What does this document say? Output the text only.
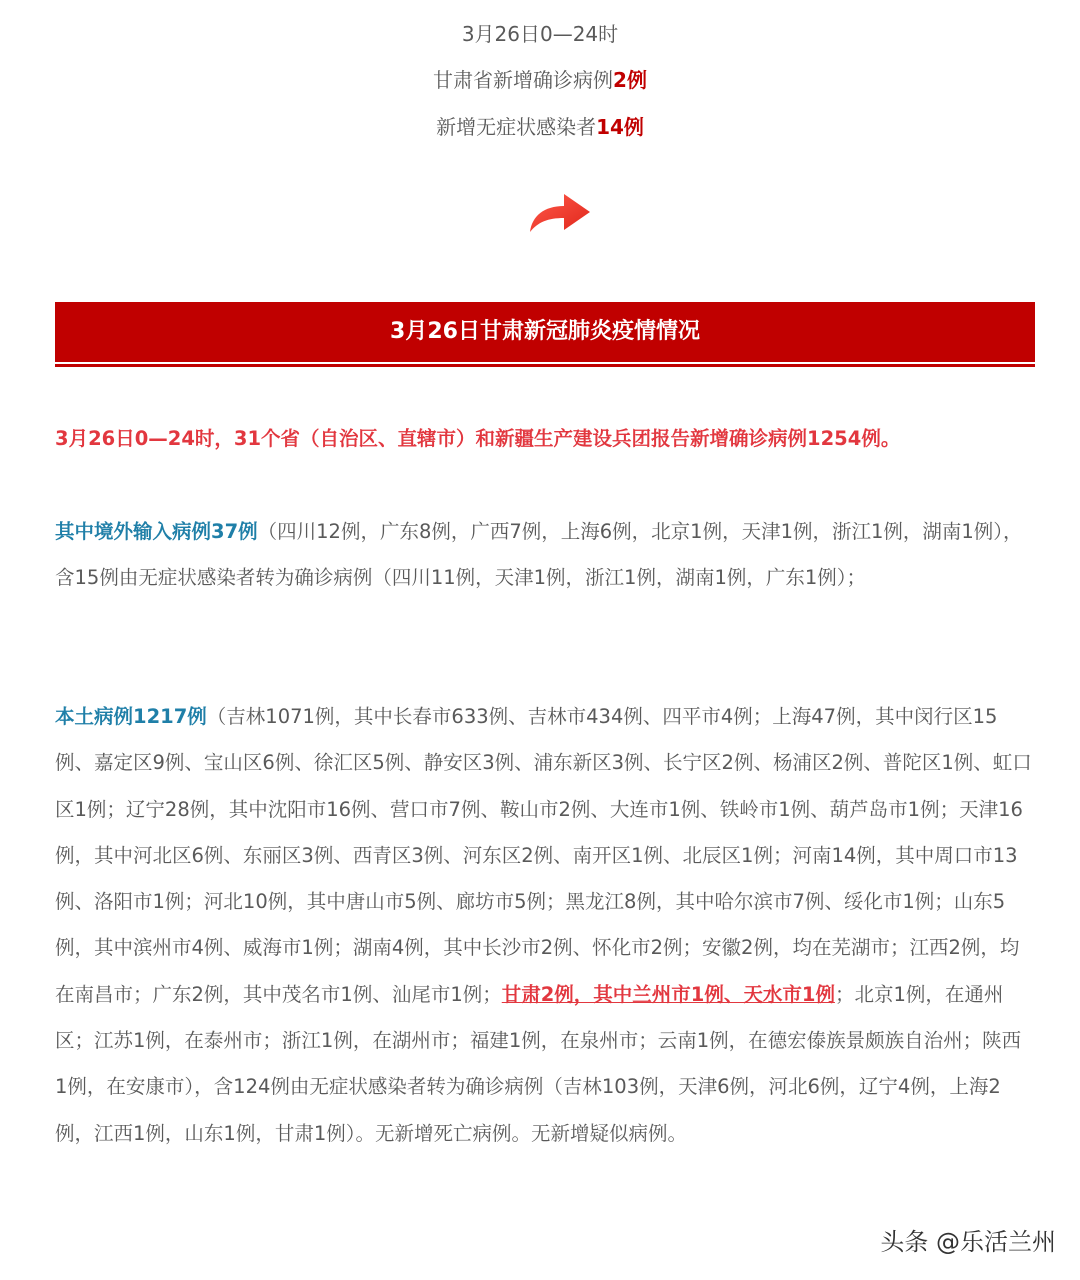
3月26日0—24时
甘肃省新增确诊病例2例
新增无症状感染者14例
3月26日甘肃新冠肺炎疫情情况
3月26日0—24时，31个省（自治区、直辖市）和新疆生产建设兵团报告新增确诊病例1254例。
其中境外输入病例37例（四川12例，广东8例，广西7例，上海6例，北京1例，天津1例，浙江1例，湖南1例），含15例由无症状感染者转为确诊病例（四川11例，天津1例，浙江1例，湖南1例，广东1例）；
本土病例1217例（吉林1071例，其中长春市633例、吉林市434例、四平市4例；上海47例，其中闵行区15例、嘉定区9例、宝山区6例、徐汇区5例、静安区3例、浦东新区3例、长宁区2例、杨浦区2例、普陀区1例、虹口区1例；辽宁28例，其中沈阳市16例、营口市7例、鞍山市2例、大连市1例、铁岭市1例、葫芦岛市1例；天津16例，其中河北区6例、东丽区3例、西青区3例、河东区2例、南开区1例、北辰区1例；河南14例，其中周口市13例、洛阳市1例；河北10例，其中唐山市5例、廊坊市5例；黑龙江8例，其中哈尔滨市7例、绥化市1例；山东5例，其中滨州市4例、威海市1例；湖南4例，其中长沙市2例、怀化市2例；安徽2例，均在芜湖市；江西2例，均在南昌市；广东2例，其中茂名市1例、汕尾市1例；甘肃2例，其中兰州市1例、天水市1例；北京1例，在通州区；江苏1例，在泰州市；浙江1例，在湖州市；福建1例，在泉州市；云南1例，在德宏傣族景颇族自治州；陕西1例，在安康市），含124例由无症状感染者转为确诊病例（吉林103例，天津6例，河北6例，辽宁4例，上海2例，江西1例，山东1例，甘肃1例）。无新增死亡病例。无新增疑似病例。
头条 @乐活兰州
